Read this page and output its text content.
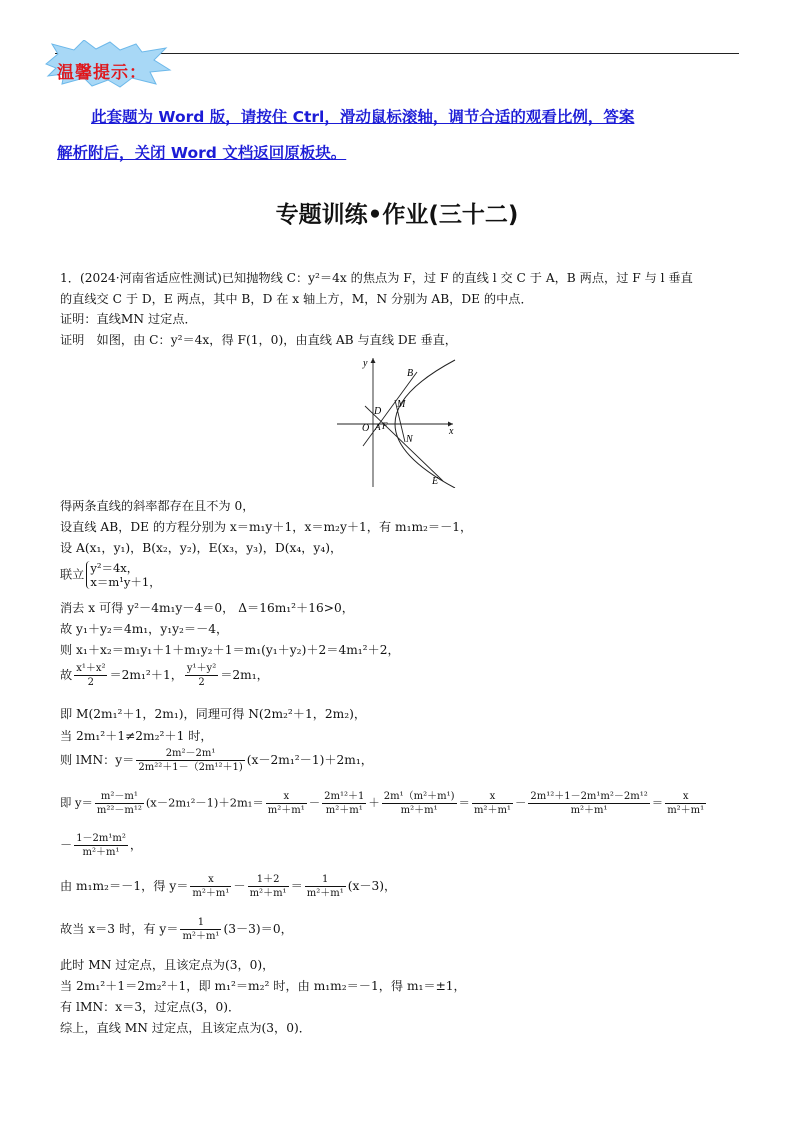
温馨提示：
此套题为 Word 版，请按住 Ctrl，滑动鼠标滚轴，调节合适的观看比例，答案
解析附后，关闭 Word 文档返回原板块。
专题训练•作业(三十二)

1．(2024·河南省适应性测试)已知抛物线 C：y²＝4x 的焦点为 F，过 F 的直线 l 交 C 于 A，B 两点，过 F 与 l 垂直

的直线交 C 于 D，E 两点，其中 B，D 在 x 轴上方，M，N 分别为 AB，DE 的中点．

证明：直线MN 过定点．

证明　如图，由 C：y²＝4x，得 F(1，0)，由直线 AB 与直线 DE 垂直，

y
x
O
B
D
M
A F
N
E
得两条直线的斜率都存在且不为 0，
设直线 AB，DE 的方程分别为 x＝m₁y＋1，x＝m₂y＋1，有 m₁m₂＝－1，
设 A(x₁，y₁)，B(x₂，y₂)，E(x₃，y₃)，D(x₄，y₄)，
联立 y²＝4x，
x＝m¹y＋1，
消去 x 可得 y²－4m₁y－4＝0， Δ＝16m₁²＋16>0，
故 y₁＋y₂＝4m₁，y₁y₂＝－4，
则 x₁＋x₂＝m₁y₁＋1＋m₁y₂＋1＝m₁(y₁＋y₂)＋2＝4m₁²＋2，
故 $\frac{\text{x¹＋x²}}{2} =2m_1^2+1$， $\frac{\text{y¹＋y²}}{2} =2m_1$，
即 M(2m₁²＋1，2m₁)，同理可得 N(2m₂²＋1，2m₂)，
当 2m₁²＋1≠2m₂²＋1 时，
则 lMN：$y= \frac{\text{2m²－2m¹}}{\text{2m²²＋1－（2m¹²＋1)}} (x-2m_1^2-1)+2m_1$，
即 $y= \frac{\text{m²－m¹}}{\text{m²²－m¹²}} (x-2m_1^2-1)+2m_1= \frac{x}{\text{m²＋m¹}} - \frac{\text{2m¹²＋1}}{\text{m²＋m¹}} + \frac{\text{2m¹（m²＋m¹)}}{\text{m²＋m¹}} = \frac{x}{\text{m²＋m¹}} - \frac{\text{2m¹²＋1－2m¹m²－2m¹²}}{\text{m²＋m¹}} = \frac{x}{\text{m²＋m¹}}$
－ $\frac{\text{1－2m¹m²}}{\text{m²＋m¹}}$ ，
由 m₁m₂＝－1，得 $y= \frac{x}{\text{m²＋m¹}} - \frac{1+2}{\text{m²＋m¹}} = \frac{1}{\text{m²＋m¹}} (x-3)$，
故当 x＝3 时，有 $y= \frac{1}{\text{m²＋m¹}} (3-3)=0$，
此时 MN 过定点，且该定点为(3，0)，
当 2m₁²＋1＝2m₂²＋1，即 m₁²＝m₂² 时，由 m₁m₂＝－1，得 m₁＝±1，
有 lMN：x＝3，过定点(3，0)．
综上，直线 MN 过定点，且该定点为(3，0)．
